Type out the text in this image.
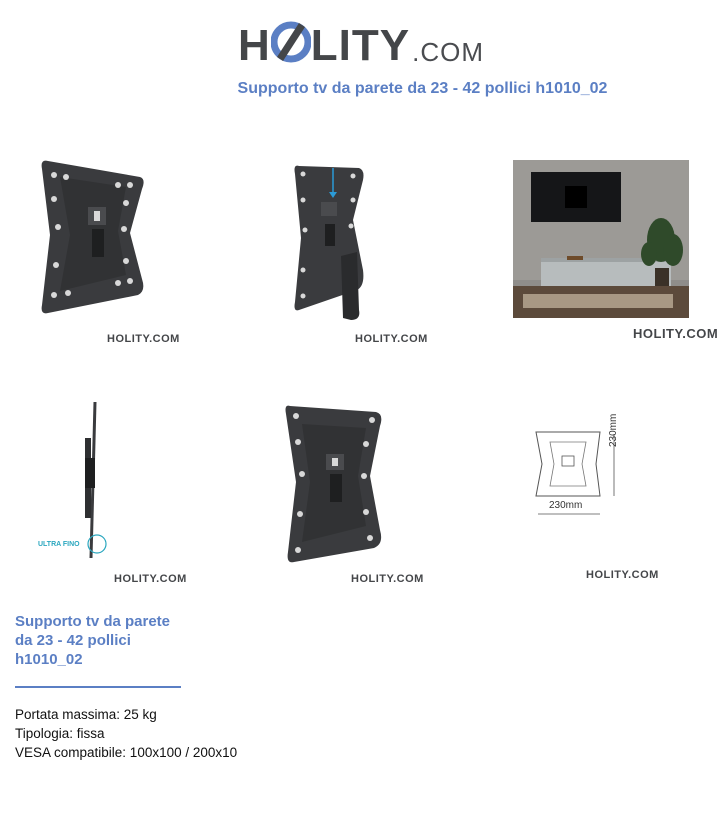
H LITY .COM
Supporto tv da parete da 23 - 42 pollici h1010_02
HOLITY.COM	HOLITY.COM	HOLITY.COM
ULTRA FINO
HOLITY.COM	HOLITY.COM
230mm
230mm
HOLITY.COM
Supporto tv da parete da 23 - 42 pollici h1010_02
Portata massima: 25 kg
Tipologia: fissa
VESA compatibile: 100x100 / 200x10
